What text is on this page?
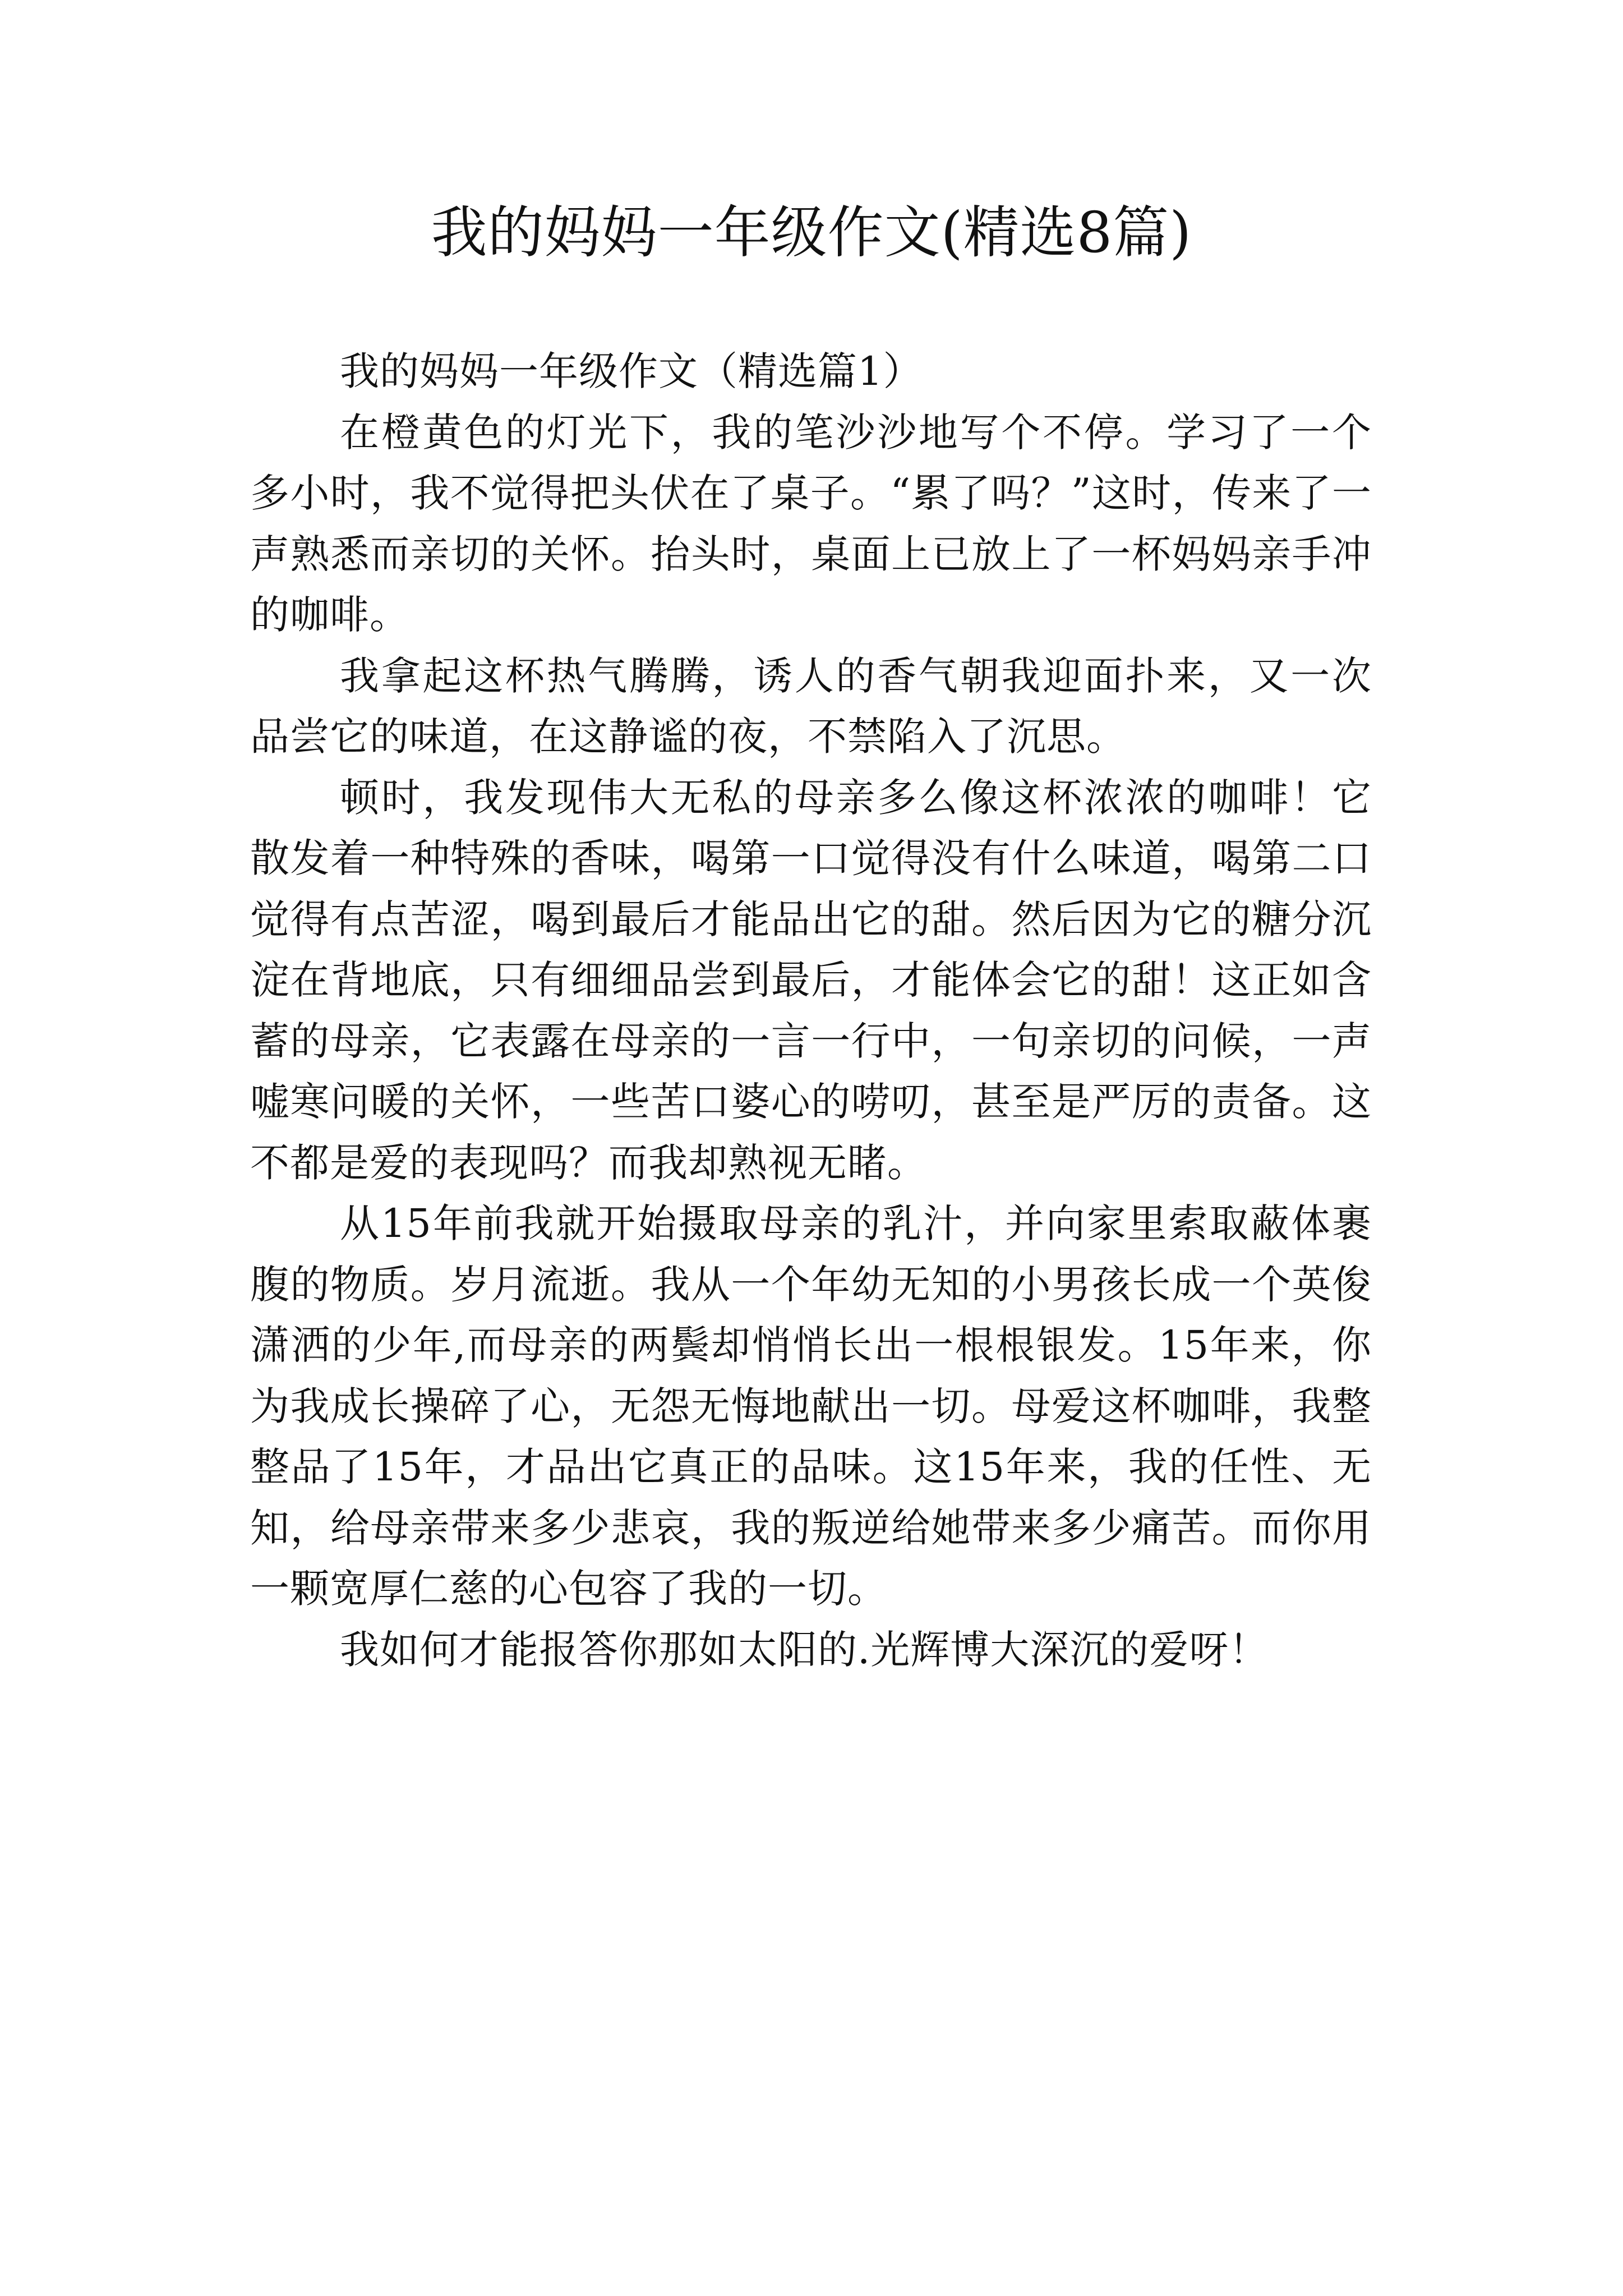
我的妈妈一年级作文(精选8篇)

我的妈妈一年级作文（精选篇1）

在橙黄色的灯光下，我的笔沙沙地写个不停。学习了一个多小时，我不觉得把头伏在了桌子。“累了吗？”这时，传来了一声熟悉而亲切的关怀。抬头时，桌面上已放上了一杯妈妈亲手冲的咖啡。

我拿起这杯热气腾腾，诱人的香气朝我迎面扑来，又一次品尝它的味道，在这静谧的夜，不禁陷入了沉思。

顿时，我发现伟大无私的母亲多么像这杯浓浓的咖啡！它散发着一种特殊的香味，喝第一口觉得没有什么味道，喝第二口觉得有点苦涩，喝到最后才能品出它的甜。然后因为它的糖分沉淀在背地底，只有细细品尝到最后，才能体会它的甜！这正如含蓄的母亲，它表露在母亲的一言一行中，一句亲切的问候，一声嘘寒问暖的关怀，一些苦口婆心的唠叨，甚至是严厉的责备。这不都是爱的表现吗？而我却熟视无睹。

从15年前我就开始摄取母亲的乳汁，并向家里索取蔽体裹腹的物质。岁月流逝。我从一个年幼无知的小男孩长成一个英俊潇洒的少年,而母亲的两鬓却悄悄长出一根根银发。15年来，你为我成长操碎了心，无怨无悔地献出一切。母爱这杯咖啡，我整整品了15年，才品出它真正的品味。这15年来，我的任性、无知，给母亲带来多少悲哀，我的叛逆给她带来多少痛苦。而你用一颗宽厚仁慈的心包容了我的一切。

我如何才能报答你那如太阳的.光辉博大深沉的爱呀！
